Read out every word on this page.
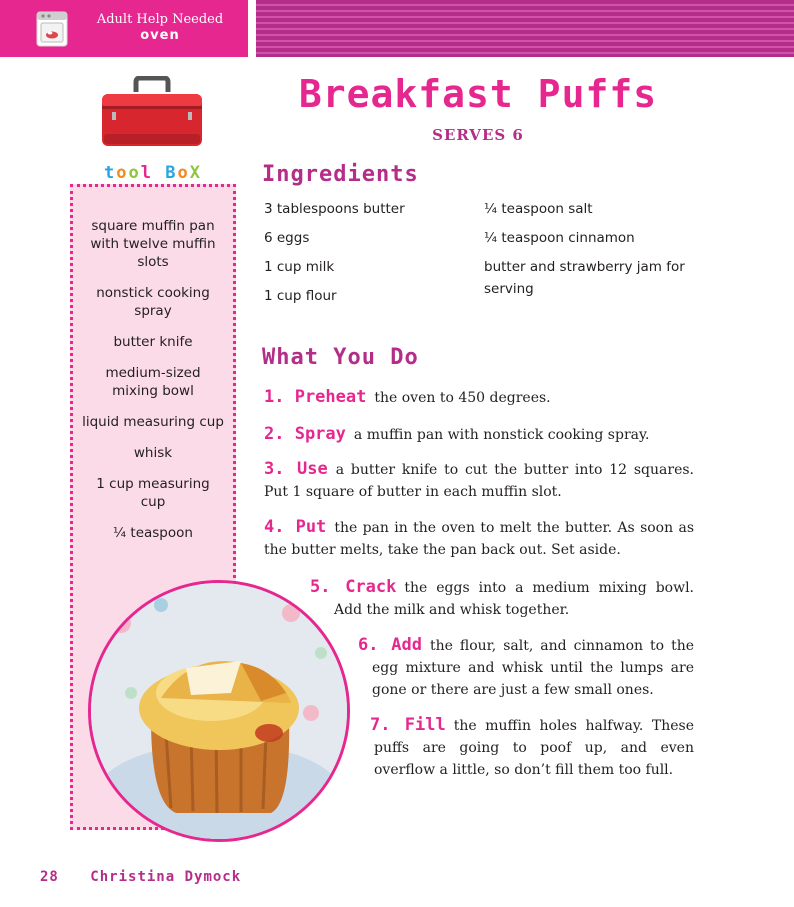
Adult Help Needed
oven
tool BoX
square muffin pan with twelve muffin slots
nonstick cooking spray
butter knife
medium-sized mixing bowl
liquid measuring cup
whisk
1 cup measuring cup
¼ teaspoon
Breakfast Puffs
SERVES 6
Ingredients
3 tablespoons butter
6 eggs
1 cup milk
1 cup flour
¼ teaspoon salt
¼ teaspoon cinnamon
butter and strawberry jam for serving
What You Do
1. Preheat the oven to 450 degrees.
2. Spray a muffin pan with nonstick cooking spray.
3. Use a butter knife to cut the butter into 12 squares. Put 1 square of butter in each muffin slot.
4. Put the pan in the oven to melt the butter. As soon as the butter melts, take the pan back out. Set aside.
5. Crack the eggs into a medium mixing bowl. Add the milk and whisk together.
6. Add the flour, salt, and cinnamon to the egg mixture and whisk until the lumps are gone or there are just a few small ones.
7. Fill the muffin holes halfway. These puffs are going to poof up, and even overflow a little, so don’t fill them too full.
28 Christina Dymock
